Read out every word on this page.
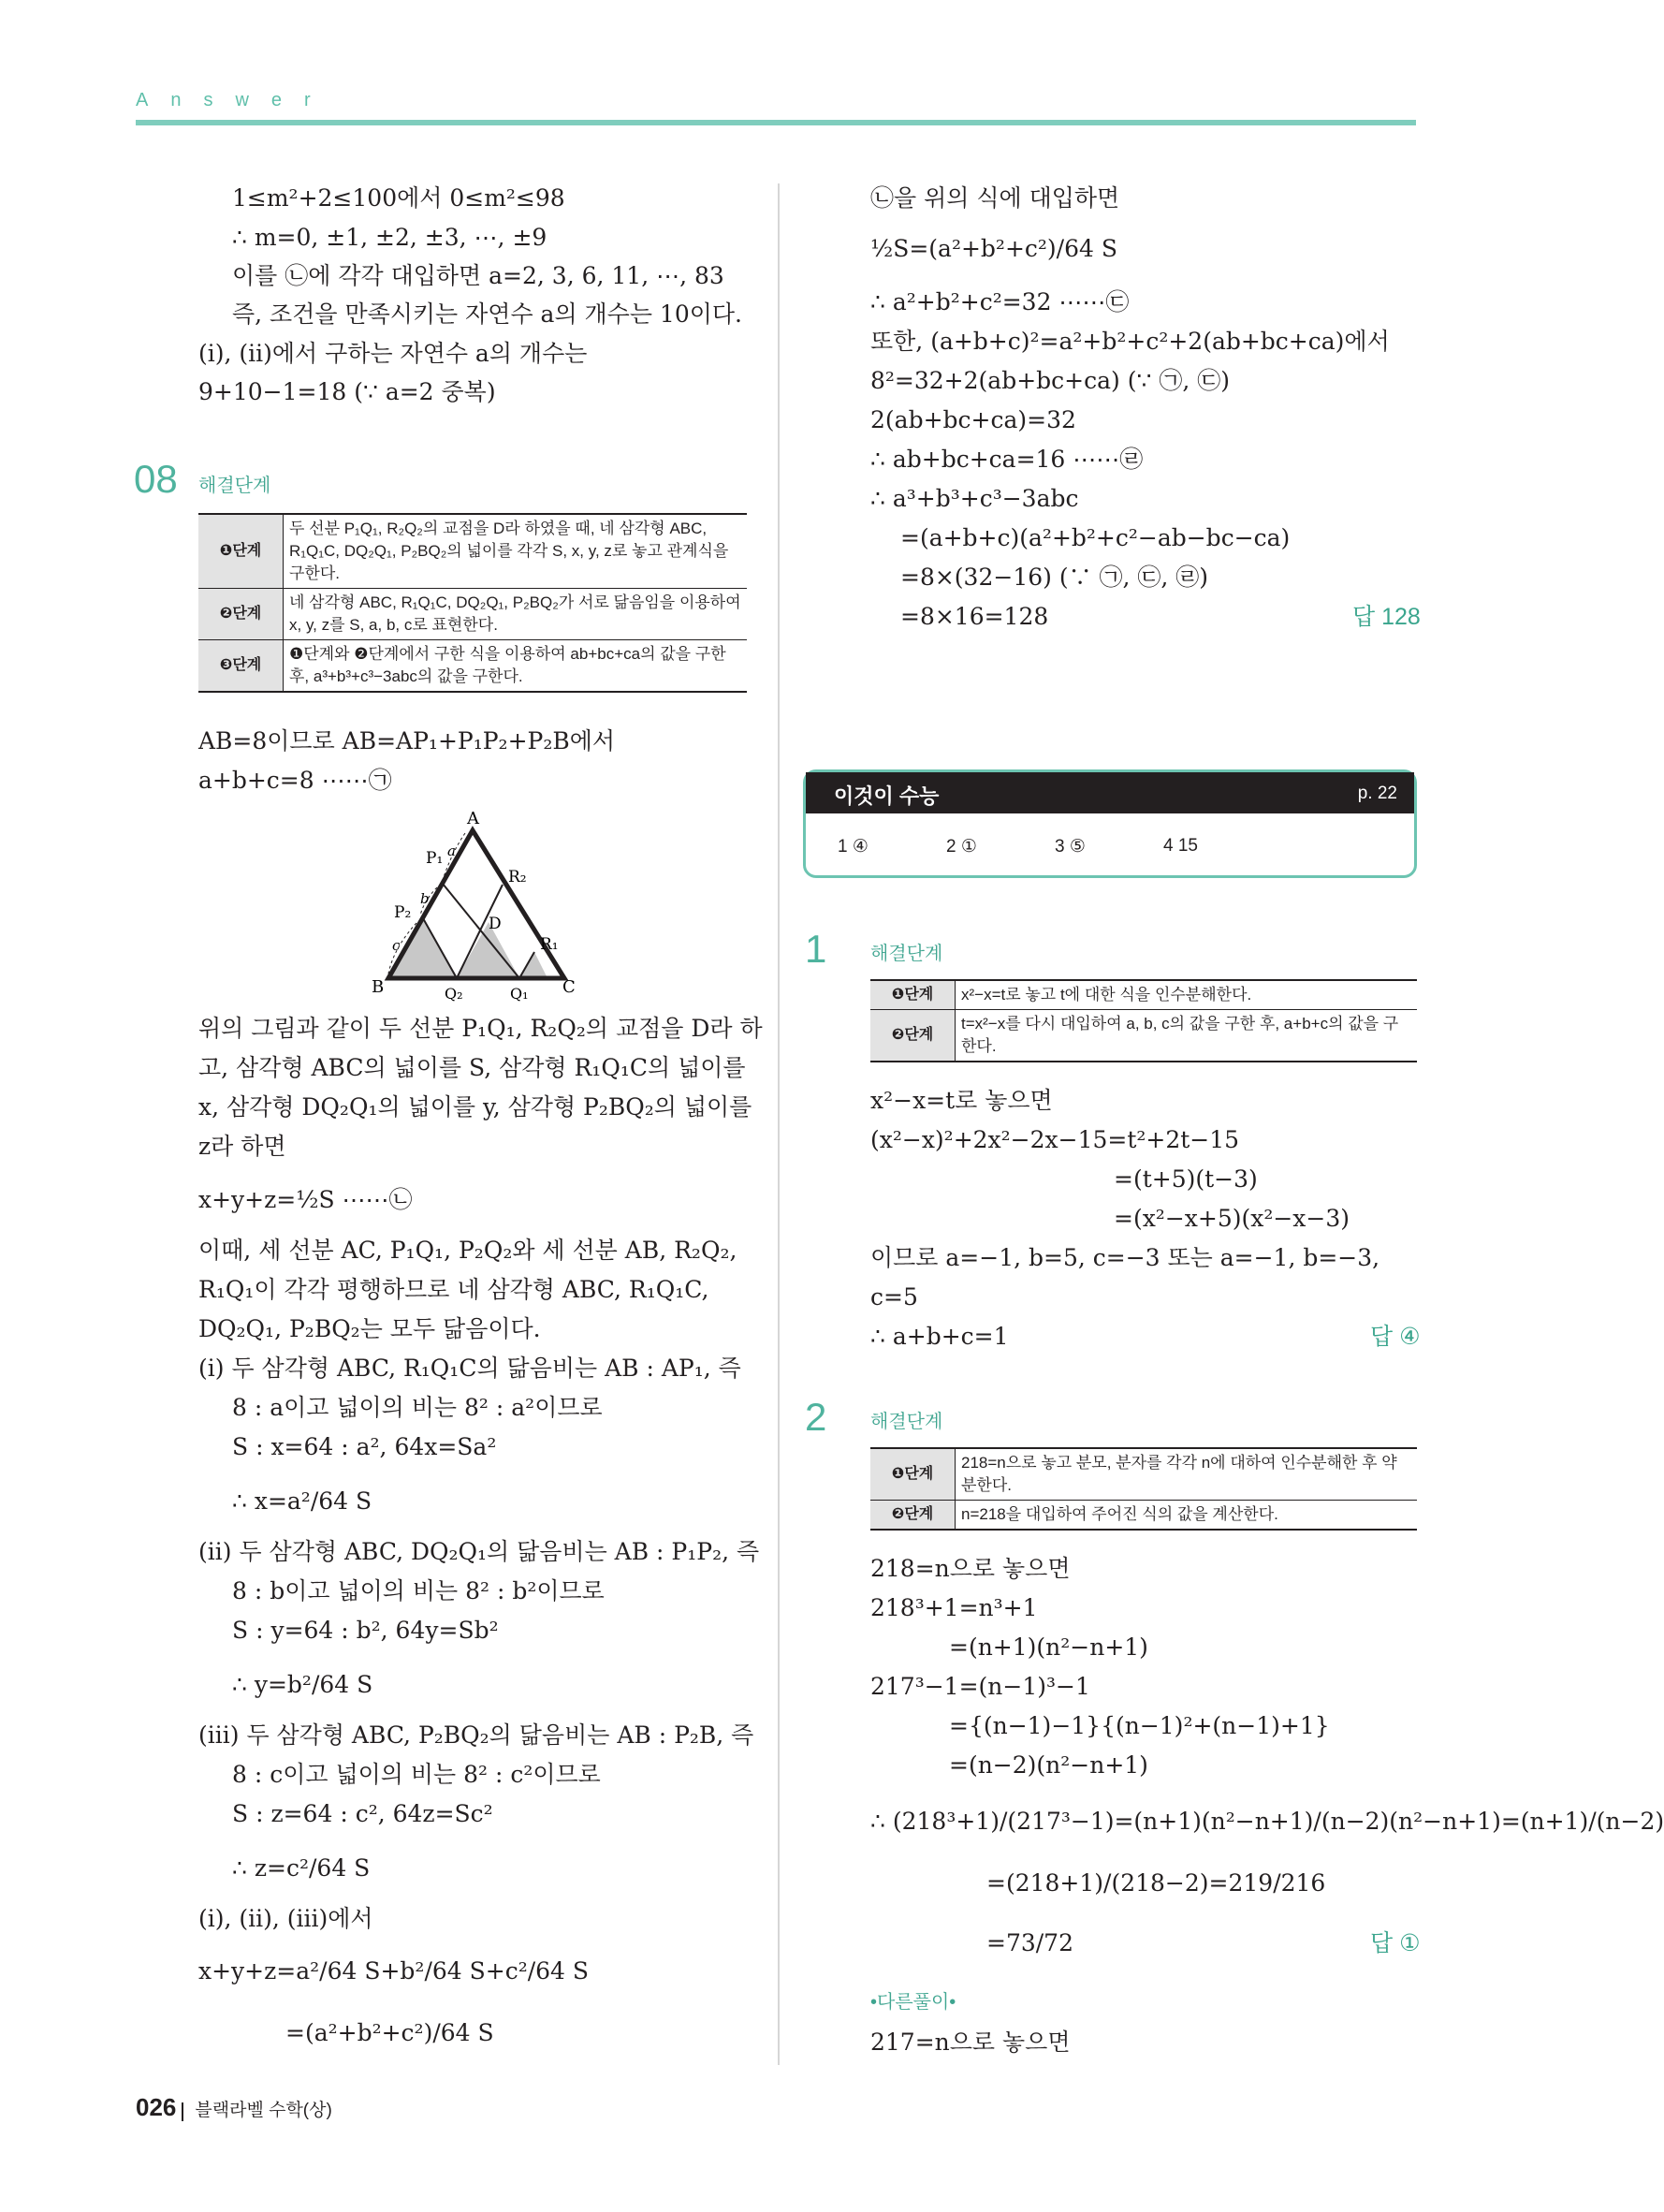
Answer
1≤m²+2≤100에서 0≤m²≤98
∴ m=0, ±1, ±2, ±3, ⋯, ±9
이를 ㉡에 각각 대입하면 a=2, 3, 6, 11, ⋯, 83
즉, 조건을 만족시키는 자연수 a의 개수는 10이다.
(ⅰ), (ⅱ)에서 구하는 자연수 a의 개수는
9+10−1=18 (∵ a=2 중복)
08 해결단계
❶단계	두 선분 P₁Q₁, R₂Q₂의 교점을 D라 하였을 때, 네 삼각형 ABC, R₁Q₁C, DQ₂Q₁, P₂BQ₂의 넓이를 각각 S, x, y, z로 놓고 관계식을 구한다.
❷단계	네 삼각형 ABC, R₁Q₁C, DQ₂Q₁, P₂BQ₂가 서로 닮음임을 이용하여 x, y, z를 S, a, b, c로 표현한다.
❸단계	❶단계와 ❷단계에서 구한 식을 이용하여 ab+bc+ca의 값을 구한 후, a³+b³+c³−3abc의 값을 구한다.
AB=8이므로 AB=AP₁+P₁P₂+P₂B에서
a+b+c=8 ⋯⋯㉠
A
B	C
P₁
P₂
R₂
R₁
Q₂	Q₁
D
a
b
c
위의 그림과 같이 두 선분 P₁Q₁, R₂Q₂의 교점을 D라 하
고, 삼각형 ABC의 넓이를 S, 삼각형 R₁Q₁C의 넓이를
x, 삼각형 DQ₂Q₁의 넓이를 y, 삼각형 P₂BQ₂의 넓이를
z라 하면
x+y+z=½S ⋯⋯㉡
이때, 세 선분 AC, P₁Q₁, P₂Q₂와 세 선분 AB, R₂Q₂,
R₁Q₁이 각각 평행하므로 네 삼각형 ABC, R₁Q₁C,
DQ₂Q₁, P₂BQ₂는 모두 닮음이다.
(ⅰ) 두 삼각형 ABC, R₁Q₁C의 닮음비는 AB : AP₁, 즉
8 : a이고 넓이의 비는 8² : a²이므로
S : x=64 : a², 64x=Sa²
∴ x=a²/64 S
(ⅱ) 두 삼각형 ABC, DQ₂Q₁의 닮음비는 AB : P₁P₂, 즉
8 : b이고 넓이의 비는 8² : b²이므로
S : y=64 : b², 64y=Sb²
∴ y=b²/64 S
(ⅲ) 두 삼각형 ABC, P₂BQ₂의 닮음비는 AB : P₂B, 즉
8 : c이고 넓이의 비는 8² : c²이므로
S : z=64 : c², 64z=Sc²
∴ z=c²/64 S
(ⅰ), (ⅱ), (ⅲ)에서
x+y+z=a²/64 S+b²/64 S+c²/64 S
=(a²+b²+c²)/64 S
㉡을 위의 식에 대입하면
½S=(a²+b²+c²)/64 S
∴ a²+b²+c²=32 ⋯⋯㉢
또한, (a+b+c)²=a²+b²+c²+2(ab+bc+ca)에서
8²=32+2(ab+bc+ca) (∵ ㉠, ㉢)
2(ab+bc+ca)=32
∴ ab+bc+ca=16 ⋯⋯㉣
∴ a³+b³+c³−3abc
=(a+b+c)(a²+b²+c²−ab−bc−ca)
=8×(32−16) (∵ ㉠, ㉢, ㉣)
=8×16=128	답 128
이것이 수능	p. 22
1 ④	2 ①	3 ⑤	4 15
1 해결단계
❶단계	x²−x=t로 놓고 t에 대한 식을 인수분해한다.
❷단계	t=x²−x를 다시 대입하여 a, b, c의 값을 구한 후, a+b+c의 값을 구한다.
x²−x=t로 놓으면
(x²−x)²+2x²−2x−15=t²+2t−15
=(t+5)(t−3)
=(x²−x+5)(x²−x−3)
이므로 a=−1, b=5, c=−3 또는 a=−1, b=−3,
c=5
∴ a+b+c=1	답 ④
2 해결단계
❶단계	218=n으로 놓고 분모, 분자를 각각 n에 대하여 인수분해한 후 약분한다.
❷단계	n=218을 대입하여 주어진 식의 값을 계산한다.
218=n으로 놓으면
218³+1=n³+1
=(n+1)(n²−n+1)
217³−1=(n−1)³−1
={(n−1)−1}{(n−1)²+(n−1)+1}
=(n−2)(n²−n+1)
∴ (218³+1)/(217³−1)=(n+1)(n²−n+1)/(n−2)(n²−n+1)=(n+1)/(n−2)
=(218+1)/(218−2)=219/216
=73/72	답 ①
•다른풀이•
217=n으로 놓으면
026 블랙라벨 수학(상)
